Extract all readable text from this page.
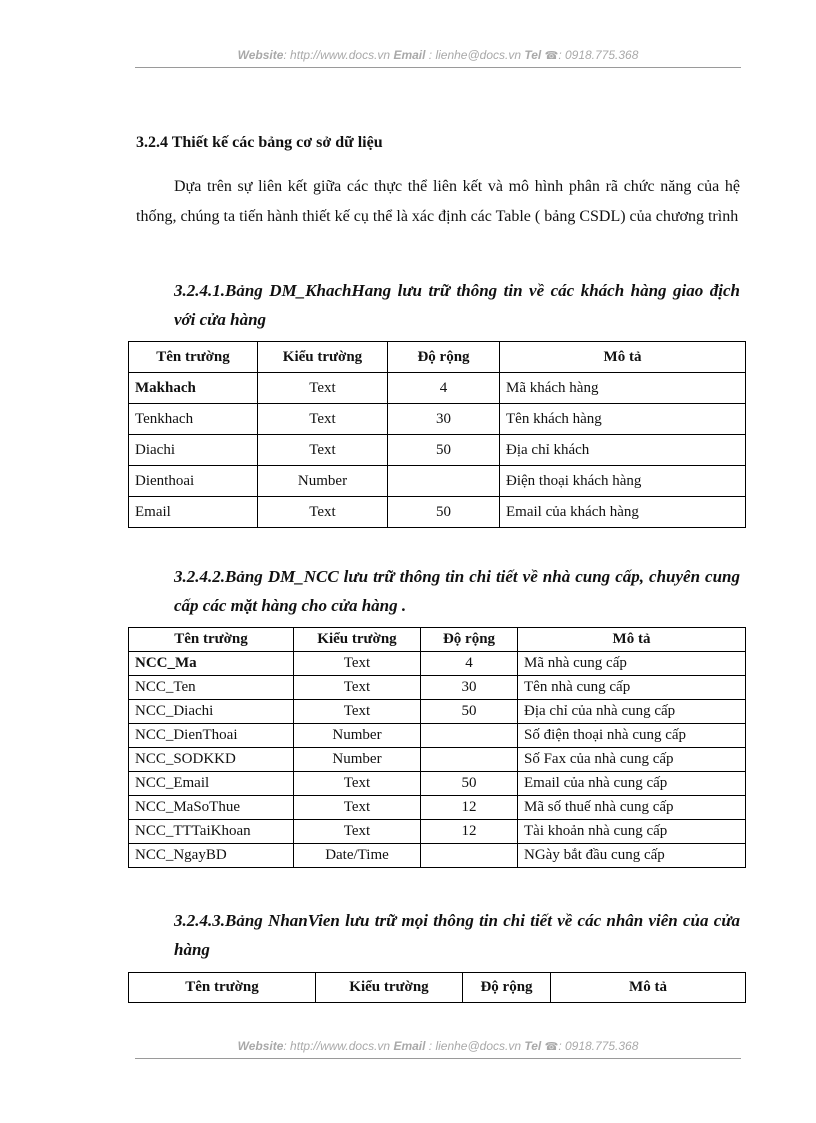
Website: http://www.docs.vn Email : lienhe@docs.vn Tel ☎: 0918.775.368
3.2.4 Thiết kế các bảng cơ sở dữ liệu

Dựa trên sự liên kết giữa các thực thể liên kết và mô hình phân rã chức năng của hệ thống, chúng ta tiến hành thiết kế cụ thể là xác định các Table ( bảng CSDL) của chương trình

3.2.4.1.Bảng DM_KhachHang lưu trữ thông tin về các khách hàng giao địch với cửa hàng

Tên trường	Kiểu trường	Độ rộng	Mô tả
Makhach	Text	4	Mã khách hàng
Tenkhach	Text	30	Tên khách hàng
Diachi	Text	50	Địa chỉ khách
Dienthoai	Number		Điện thoại khách hàng
Email	Text	50	Email của khách hàng

3.2.4.2.Bảng DM_NCC lưu trữ thông tin chi tiết về nhà cung cấp, chuyên cung cấp các mặt hàng cho cửa hàng .

Tên trường	Kiểu trường	Độ rộng	Mô tả
NCC_Ma	Text	4	Mã nhà cung cấp
NCC_Ten	Text	30	Tên nhà cung cấp
NCC_Diachi	Text	50	Địa chỉ của nhà cung cấp
NCC_DienThoai	Number		Số điện thoại nhà cung cấp
NCC_SODKKD	Number		Số Fax của nhà cung cấp
NCC_Email	Text	50	Email của nhà cung cấp
NCC_MaSoThue	Text	12	Mã số thuế nhà cung cấp
NCC_TTTaiKhoan	Text	12	Tài khoản nhà cung cấp
NCC_NgayBD	Date/Time		NGày bắt đầu cung cấp

3.2.4.3.Bảng NhanVien lưu trữ mọi thông tin chi tiết về các nhân viên của cửa hàng

Tên trường	Kiểu trường	Độ rộng	Mô tả
Website: http://www.docs.vn Email : lienhe@docs.vn Tel ☎: 0918.775.368
